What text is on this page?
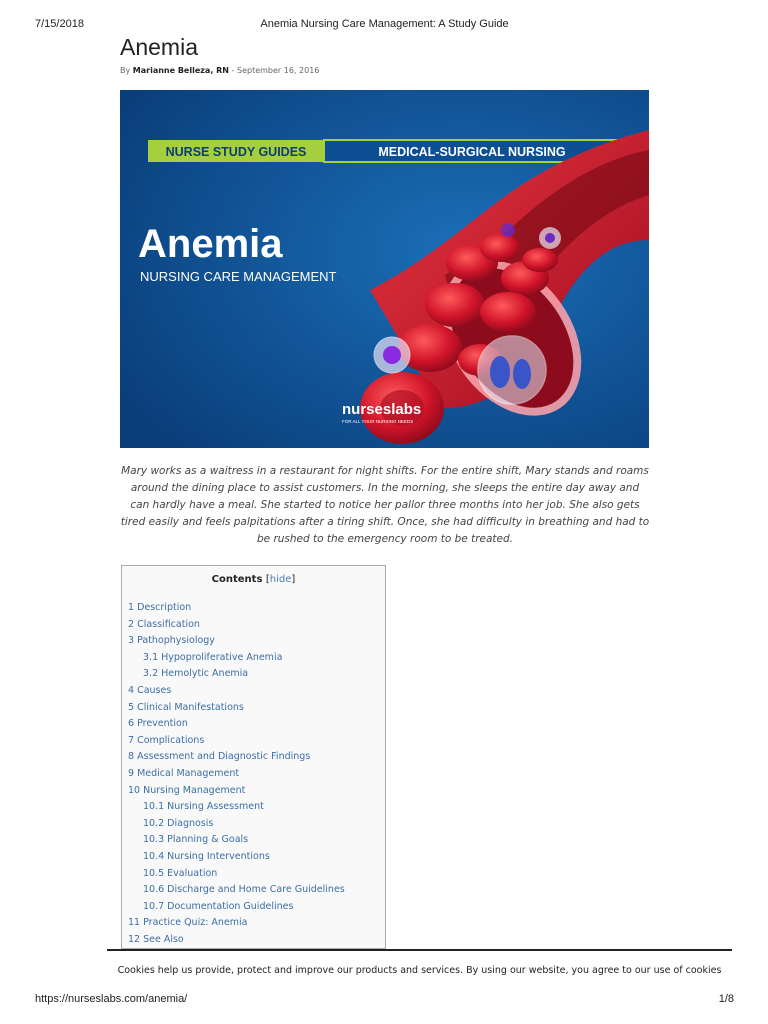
7/15/2018	Anemia Nursing Care Management: A Study Guide
Anemia
By Marianne Belleza, RN - September 16, 2016
NURSE STUDY GUIDES	MEDICAL-SURGICAL NURSING
Anemia
NURSING CARE MANAGEMENT
nurseslabs
FOR ALL YOUR NURSING NEEDS

Mary works as a waitress in a restaurant for night shifts. For the entire shift, Mary stands and roams around the dining place to assist customers. In the morning, she sleeps the entire day away and can hardly have a meal. She started to notice her pallor three months into her job. She also gets tired easily and feels palpitations after a tiring shift. Once, she had difficulty in breathing and had to be rushed to the emergency room to be treated.

Contents [hide]
1 Description
2 Classification
3 Pathophysiology
3.1 Hypoproliferative Anemia
3.2 Hemolytic Anemia
4 Causes
5 Clinical Manifestations
6 Prevention
7 Complications
8 Assessment and Diagnostic Findings
9 Medical Management
10 Nursing Management
10.1 Nursing Assessment
10.2 Diagnosis
10.3 Planning & Goals
10.4 Nursing Interventions
10.5 Evaluation
10.6 Discharge and Home Care Guidelines
10.7 Documentation Guidelines
11 Practice Quiz: Anemia
12 See Also
Cookies help us provide, protect and improve our products and services. By using our website, you agree to our use of cookies
https://nurseslabs.com/anemia/	1/8
